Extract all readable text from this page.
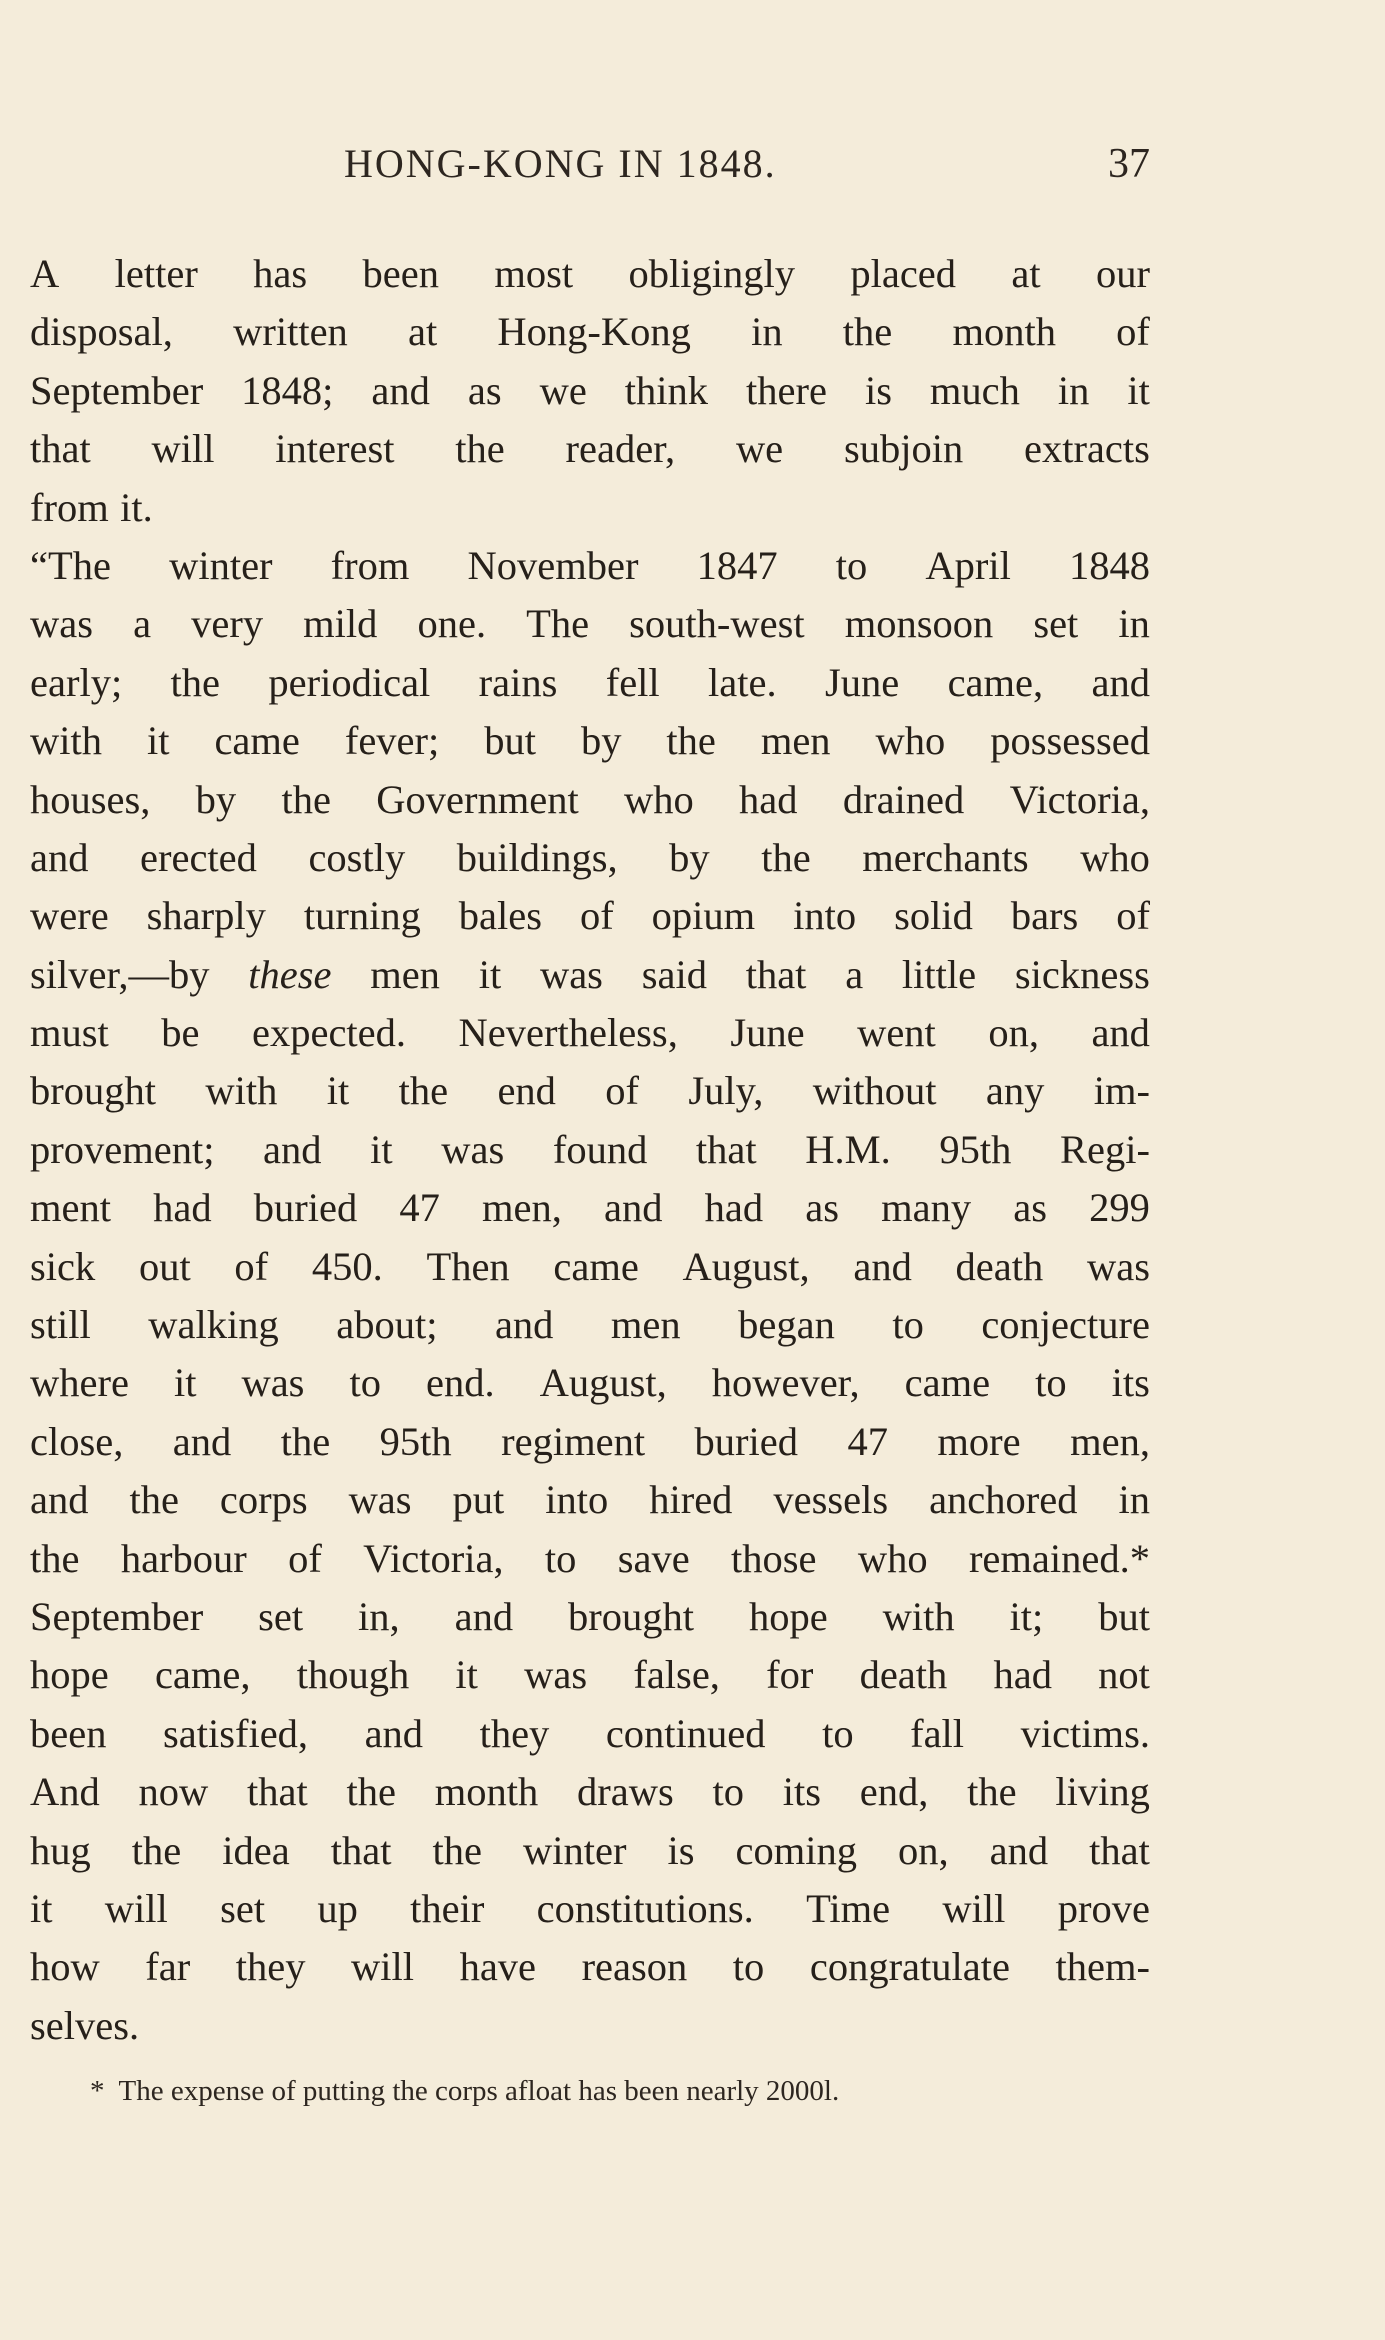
HONG-KONG IN 1848.	37
A letter has been most obligingly placed at our
disposal, written at Hong-Kong in the month of
September 1848; and as we think there is much in it
that will interest the reader, we subjoin extracts
from it.
“The winter from November 1847 to April 1848
was a very mild one. The south-west monsoon set in
early; the periodical rains fell late. June came, and
with it came fever; but by the men who possessed
houses, by the Government who had drained Victoria,
and erected costly buildings, by the merchants who
were sharply turning bales of opium into solid bars of
silver,—by these men it was said that a little sickness
must be expected. Nevertheless, June went on, and
brought with it the end of July, without any im-
provement; and it was found that H.M. 95th Regi-
ment had buried 47 men, and had as many as 299
sick out of 450. Then came August, and death was
still walking about; and men began to conjecture
where it was to end. August, however, came to its
close, and the 95th regiment buried 47 more men,
and the corps was put into hired vessels anchored in
the harbour of Victoria, to save those who remained.*
September set in, and brought hope with it; but
hope came, though it was false, for death had not
been satisfied, and they continued to fall victims.
And now that the month draws to its end, the living
hug the idea that the winter is coming on, and that
it will set up their constitutions. Time will prove
how far they will have reason to congratulate them-
selves.
* The expense of putting the corps afloat has been nearly 2000l.
